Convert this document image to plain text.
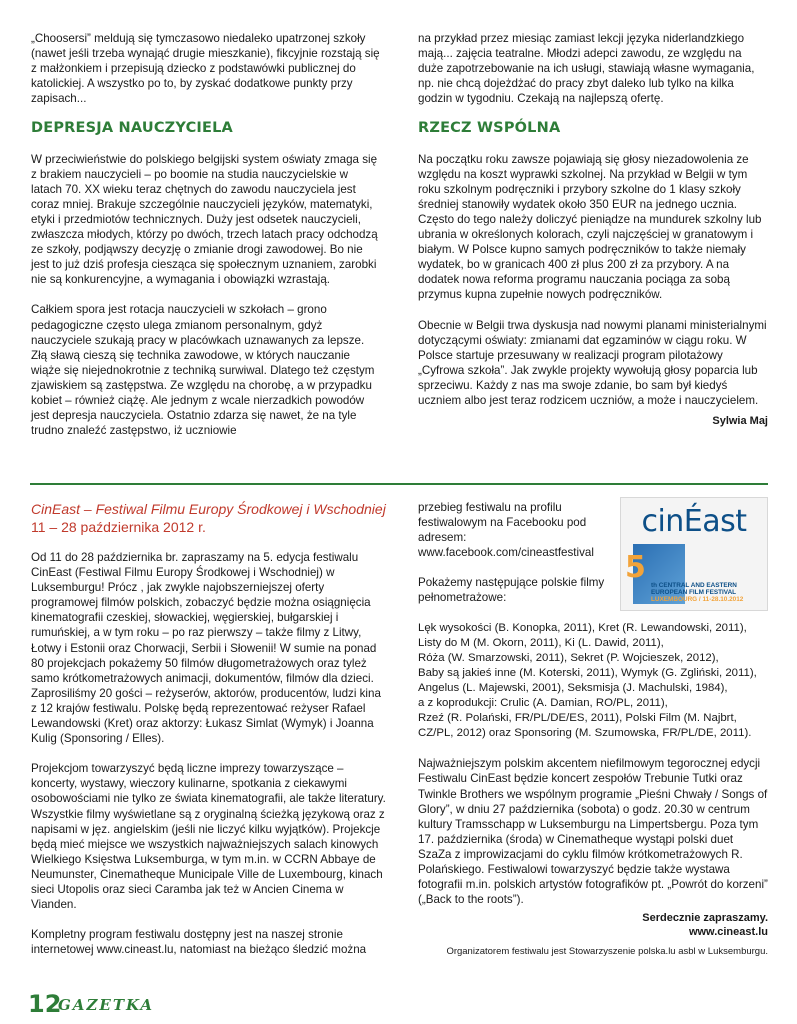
„Choosersi” meldują się tymczasowo niedaleko upatrzonej szkoły (nawet jeśli trzeba wynająć drugie mieszkanie), fikcyjnie rozstają się z małżonkiem i przepisują dziecko z podstawówki publicznej do katolickiej. A wszystko po to, by zyskać dodatkowe punkty przy zapisach...

DEPRESJA NAUCZYCIELA

W przeciwieństwie do polskiego belgijski system oświaty zmaga się z brakiem nauczycieli – po boomie na studia nauczycielskie w latach 70. XX wieku teraz chętnych do zawodu nauczyciela jest coraz mniej. Brakuje szczególnie nauczycieli języków, matematyki, etyki i przedmiotów technicznych. Duży jest odsetek nauczycieli, zwłaszcza młodych, którzy po dwóch, trzech latach pracy odchodzą ze szkoły, podjąwszy decyzję o zmianie drogi zawodowej. Bo nie jest to już dziś profesja ciesząca się społecznym uznaniem, zarobki nie są konkurencyjne, a wymagania i obowiązki wzrastają.

Całkiem spora jest rotacja nauczycieli w szkołach – grono pedagogiczne często ulega zmianom personalnym, gdyż nauczyciele szukają pracy w placówkach uznawanych za lepsze. Złą sławą cieszą się technika zawodowe, w których nauczanie wiąże się niejednokrotnie z techniką surwiwal. Dlatego też częstym zjawiskiem są zastępstwa. Ze względu na chorobę, a w przypadku kobiet – również ciążę. Ale jednym z wcale nierzadkich powodów jest depresja nauczyciela. Ostatnio zdarza się nawet, że na tyle trudno znaleźć zastępstwo, iż uczniowie

na przykład przez miesiąc zamiast lekcji języka niderlandzkiego mają... zajęcia teatralne. Młodzi adepci zawodu, ze względu na duże zapotrzebowanie na ich usługi, stawiają własne wymagania, np. nie chcą dojeżdżać do pracy zbyt daleko lub tylko na kilka godzin w tygodniu. Czekają na najlepszą ofertę.

RZECZ WSPÓLNA

Na początku roku zawsze pojawiają się głosy niezadowolenia ze względu na koszt wyprawki szkolnej. Na przykład w Belgii w tym roku szkolnym podręczniki i przybory szkolne do 1 klasy szkoły średniej stanowiły wydatek około 350 EUR na jednego ucznia. Często do tego należy doliczyć pieniądze na mundurek szkolny lub ubrania w określonych kolorach, czyli najczęściej w granatowym i białym. W Polsce kupno samych podręczników to także niemały wydatek, bo w granicach 400 zł plus 200 zł za przybory. A na dodatek nowa reforma programu nauczania pociąga za sobą przymus kupna zupełnie nowych podręczników.

Obecnie w Belgii trwa dyskusja nad nowymi planami ministerialnymi dotyczącymi oświaty: zmianami dat egzaminów w ciągu roku. W Polsce startuje przesuwany w realizacji program pilotażowy „Cyfrowa szkoła”. Jak zwykle projekty wywołują głosy poparcia lub sprzeciwu. Każdy z nas ma swoje zdanie, bo sam był kiedyś uczniem albo jest teraz rodzicem uczniów, a może i nauczycielem.

Sylwia Maj
CinEast – Festiwal Filmu Europy Środkowej i Wschodniej
11 – 28 października 2012 r.

Od 11 do 28 października br. zapraszamy na 5. edycja festiwalu CinEast (Festiwal Filmu Europy Środkowej i Wschodniej) w Luksemburgu! Prócz , jak zwykle najobszerniejszej oferty programowej filmów polskich, zobaczyć będzie można osiągnięcia kinematografii czeskiej, słowackiej, węgierskiej, bułgarskiej i rumuńskiej, a w tym roku – po raz pierwszy – także filmy z Litwy, Łotwy i Estonii oraz Chorwacji, Serbii i Słowenii! W sumie na ponad 80 projekcjach pokażemy 50 filmów długometrażowych oraz tyleż samo krótkometrażowych animacji, dokumentów, filmów dla dzieci. Zaprosiliśmy 20 gości – reżyserów, aktorów, producentów, ludzi kina z 12 krajów festiwalu. Polskę będą reprezentować reżyser Rafael Lewandowski (Kret) oraz aktorzy: Łukasz Simlat (Wymyk) i Joanna Kulig (Sponsoring / Elles).

Projekcjom towarzyszyć będą liczne imprezy towarzyszące – koncerty, wystawy, wieczory kulinarne, spotkania z ciekawymi osobowościami nie tylko ze świata kinematografii, ale także literatury. Wszystkie filmy wyświetlane są z oryginalną ścieżką językową oraz z napisami w jęz. angielskim (jeśli nie liczyć kilku wyjątków). Projekcje będą mieć miejsce we wszystkich najważniejszych salach kinowych Wielkiego Księstwa Luksemburga, w tym m.in. w CCRN Abbaye de Neumunster, Cinematheque Municipale Ville de Luxembourg, kinach sieci Utopolis oraz sieci Caramba jak też w Ancien Cinema w Vianden.

Kompletny program festiwalu dostępny jest na naszej stronie internetowej www.cineast.lu, natomiast na bieżąco śledzić można

przebieg festiwalu na profilu festiwalowym na Facebooku pod adresem: www.facebook.com/cineastfestival

Pokażemy następujące polskie filmy pełnometrażowe:

Lęk wysokości (B. Konopka, 2011), Kret (R. Lewandowski, 2011),
Listy do M (M. Okorn, 2011), Ki (L. Dawid, 2011),
Róża (W. Smarzowski, 2011), Sekret (P. Wojcieszek, 2012),
Baby są jakieś inne (M. Koterski, 2011), Wymyk (G. Zgliński, 2011),
Angelus (L. Majewski, 2001), Seksmisja (J. Machulski, 1984),
a z koprodukcji: Crulic (A. Damian, RO/PL, 2011),
Rzeź (R. Polański, FR/PL/DE/ES, 2011), Polski Film (M. Najbrt,
CZ/PL, 2012) oraz Sponsoring (M. Szumowska, FR/PL/DE, 2011).

Najważniejszym polskim akcentem niefilmowym tegorocznej edycji Festiwalu CinEast będzie koncert zespołów Trebunie Tutki oraz Twinkle Brothers we wspólnym programie „Pieśni Chwały / Songs of Glory”, w dniu 27 października (sobota) o godz. 20.30 w centrum kultury Tramsschapp w Luksemburgu na Limpertsbergu. Poza tym 17. października (środa) w Cinematheque wystąpi polski duet SzaZa z improwizacjami do cyklu filmów krótkometrażowych R. Polańskiego. Festiwalowi towarzyszyć będzie także wystawa fotografii m.in. polskich artystów fotografików pt. „Powrót do korzeni” („Back to the roots”).

Serdecznie zapraszamy.
www.cineast.lu
Organizatorem festiwalu jest Stowarzyszenie polska.lu asbl w Luksemburgu.
cinÉast
5
th CENTRAL AND EASTERN
EUROPEAN FILM FESTIVAL
LUXEMBOURG / 11-28.10.2012
12
GAZETKA
